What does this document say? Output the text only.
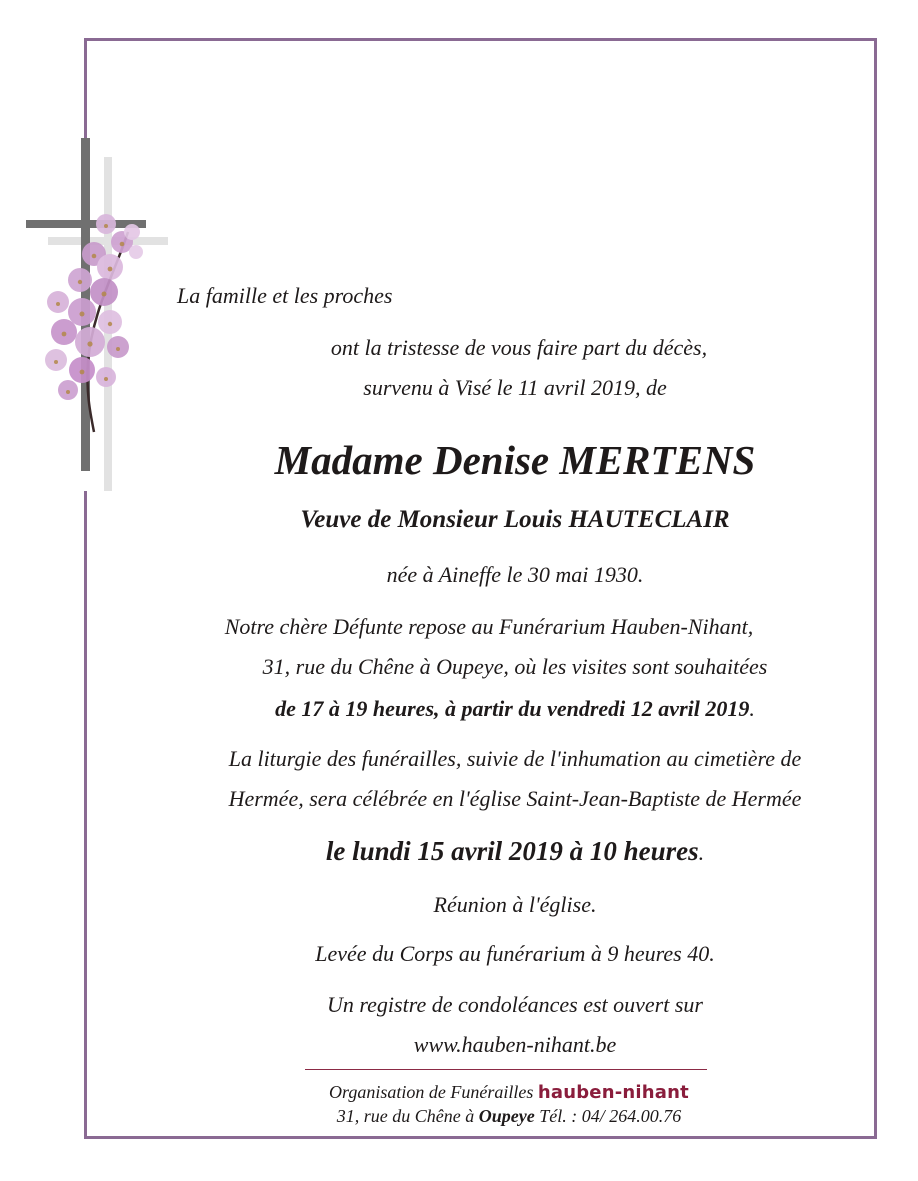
La famille et les proches
ont la tristesse de vous faire part du décès,
survenu à Visé le 11 avril 2019, de
Madame Denise MERTENS
Veuve de Monsieur Louis HAUTECLAIR
née à Aineffe le 30 mai 1930.
Notre chère Défunte repose au Funérarium Hauben-Nihant,
31, rue du Chêne à Oupeye, où les visites sont souhaitées
de 17 à 19 heures, à partir du vendredi 12 avril 2019.
La liturgie des funérailles, suivie de l'inhumation au cimetière de
Hermée, sera célébrée en l'église Saint-Jean-Baptiste de Hermée
le lundi 15 avril 2019 à 10 heures.
Réunion à l'église.
Levée du Corps au funérarium à 9 heures 40.
Un registre de condoléances est ouvert sur
www.hauben-nihant.be
Organisation de Funérailles hauben-nihant
31, rue du Chêne à Oupeye Tél. : 04/ 264.00.76
